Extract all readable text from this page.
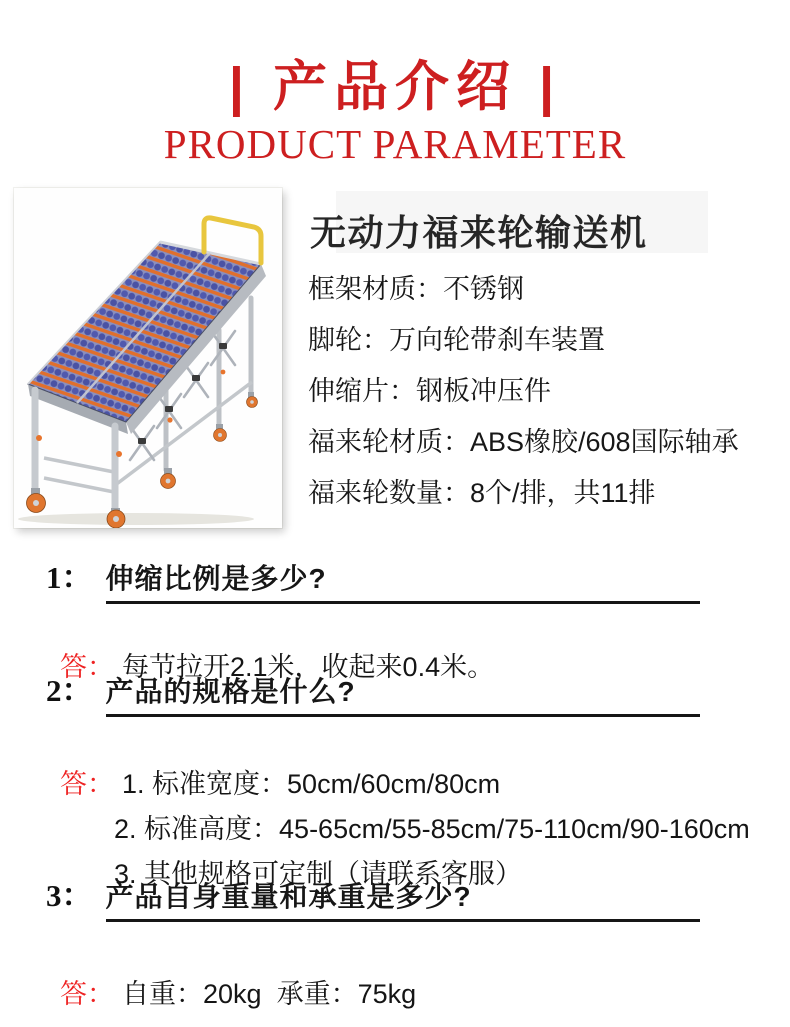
| 产品介绍 |
PRODUCT PARAMETER
无动力福来轮输送机
框架材质：不锈钢
脚轮：万向轮带刹车装置
伸缩片：钢板冲压件
福来轮材质：ABS橡胶/608国际轴承
福来轮数量：8个/排，共11排
1： 伸缩比例是多少?

答： 每节拉开2.1米，收起来0.4米。

2： 产品的规格是什么?

答： 1. 标准宽度：50cm/60cm/80cm

2. 标准高度：45-65cm/55-85cm/75-110cm/90-160cm

3. 其他规格可定制（请联系客服）

3： 产品自身重量和承重是多少?

答： 自重：20kg  承重：75kg
